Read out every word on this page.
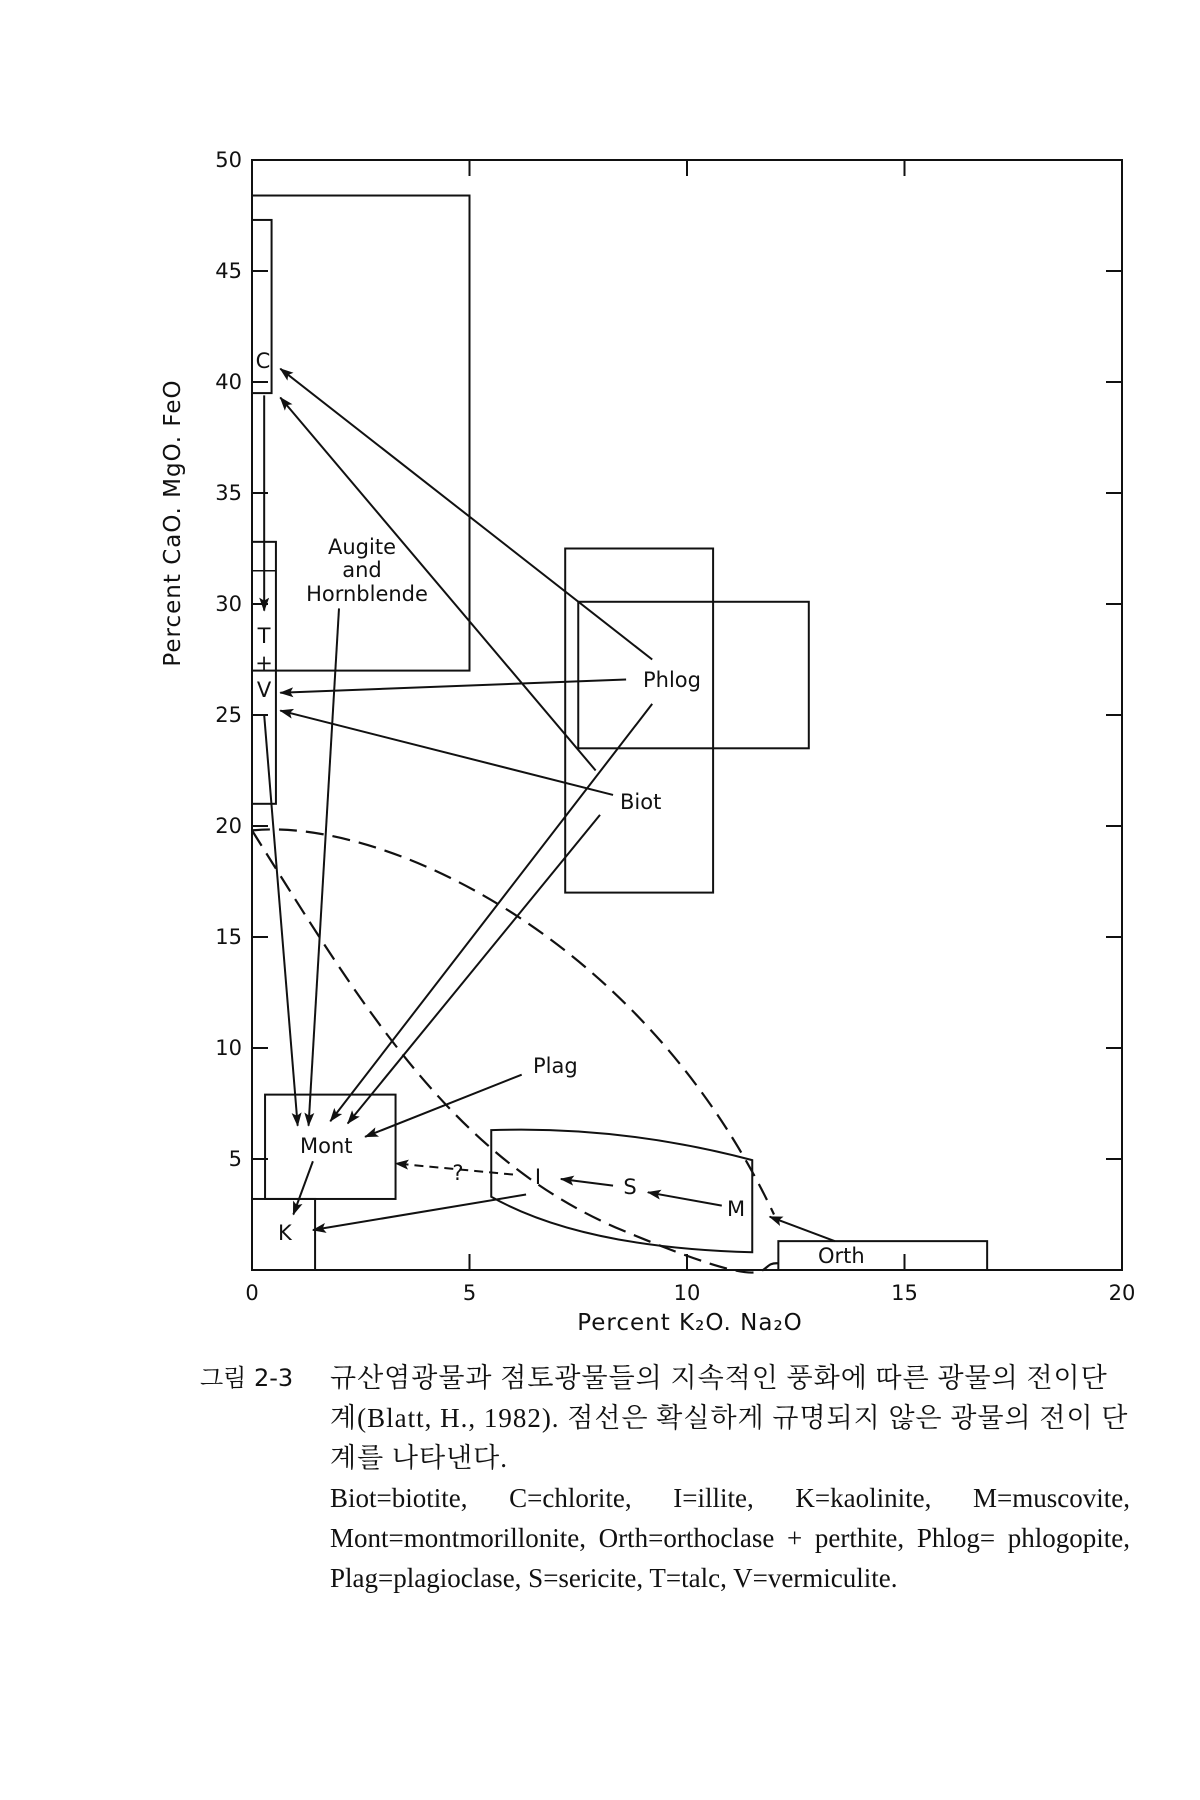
5
10
15
20
25
30
35
40
45
50
0	5	10	15	20
Percent K₂O. Na₂O
Percent CaO. MgO. FeO
C
T
+
V
Augite
and
Hornblende
Phlog
Biot
Plag
Mont
K
I	S
M
?
Orth
그림 2-3	규산염광물과 점토광물들의 지속적인 풍화에 따른 광물의 전이단계(Blatt, H., 1982). 점선은 확실하게 규명되지 않은 광물의 전이 단계를 나타낸다.
Biot=biotite, C=chlorite, I=illite, K=kaolinite, M=muscovite, Mont=montmorillonite, Orth=orthoclase + perthite, Phlog= phlogopite, Plag=plagioclase, S=sericite, T=talc, V=vermiculite.
